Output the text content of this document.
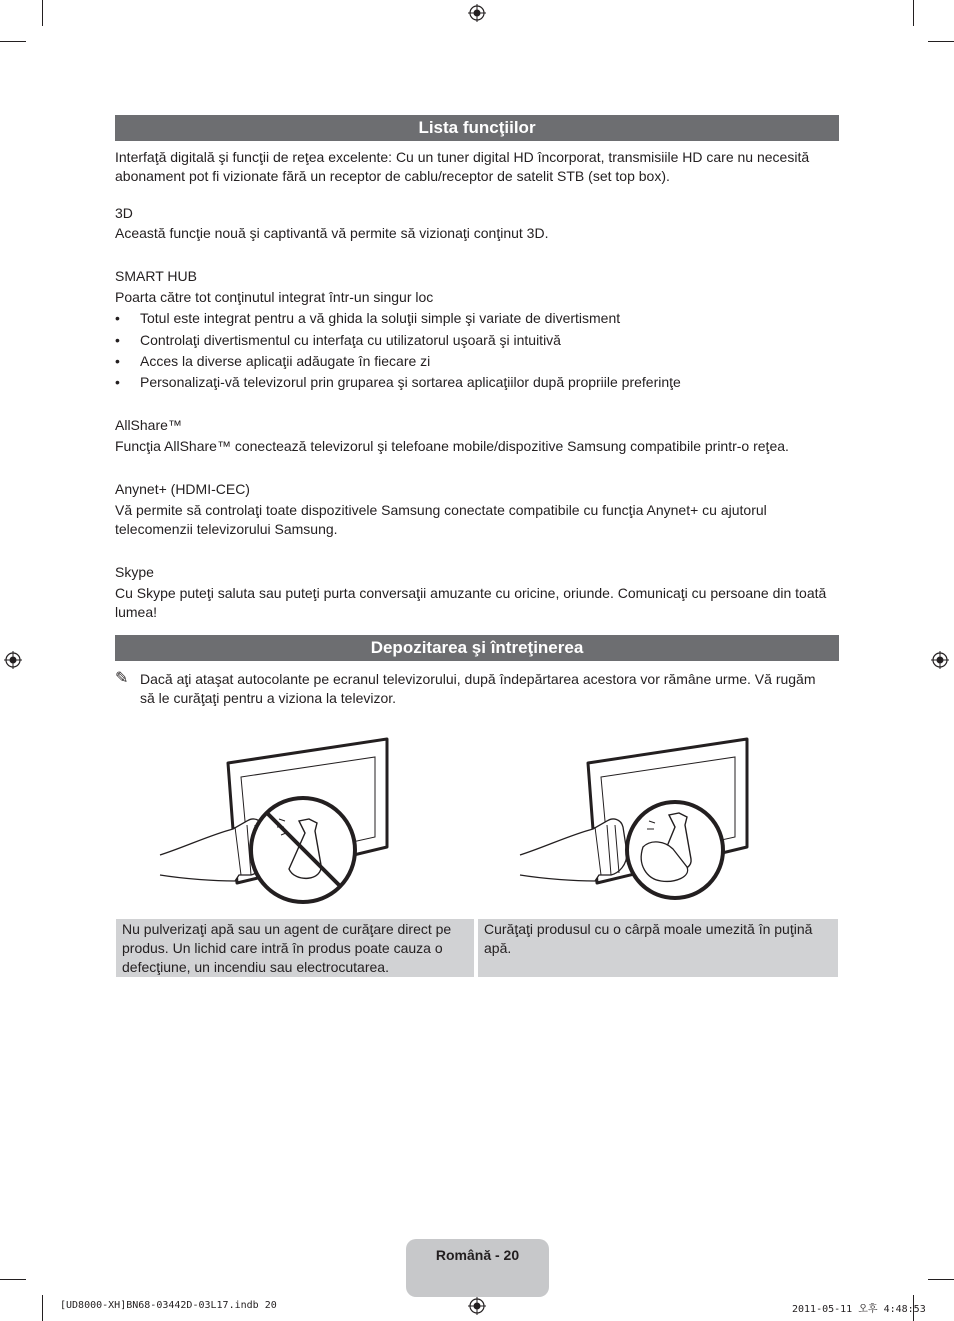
Lista funcţiilor

Interfaţă digitală şi funcţii de reţea excelente: Cu un tuner digital HD încorporat, transmisiile HD care nu necesită abonament pot fi vizionate fără un receptor de cablu/receptor de satelit STB (set top box).

3D

Această funcţie nouă şi captivantă vă permite să vizionaţi conţinut 3D.

SMART HUB

Poarta către tot conţinutul integrat într-un singur loc

• Totul este integrat pentru a vă ghida la soluţii simple şi variate de divertisment
• Controlaţi divertismentul cu interfaţa cu utilizatorul uşoară şi intuitivă
• Acces la diverse aplicaţii adăugate în fiecare zi
• Personalizaţi-vă televizorul prin gruparea şi sortarea aplicaţiilor după propriile preferinţe

AllShare™

Funcţia AllShare™ conectează televizorul şi telefoane mobile/dispozitive Samsung compatibile printr-o reţea.

Anynet+ (HDMI-CEC)

Vă permite să controlaţi toate dispozitivele Samsung conectate compatibile cu funcţia Anynet+ cu ajutorul telecomenzii televizorului Samsung.

Skype

Cu Skype puteţi saluta sau puteţi purta conversaţii amuzante cu oricine, oriunde. Comunicaţi cu persoane din toată lumea!

Depozitarea şi întreţinerea
✎ Dacă aţi ataşat autocolante pe ecranul televizorului, după îndepărtarea acestora vor rămâne urme. Vă rugăm să le curăţaţi pentru a viziona la televizor.
Nu pulverizaţi apă sau un agent de curăţare direct pe produs. Un lichid care intră în produs poate cauza o defecţiune, un incendiu sau electrocutarea.
Curăţaţi produsul cu o cârpă moale umezită în puţină apă.
Română - 20
[UD8000-XH]BN68-03442D-03L17.indb 20	2011-05-11 오후 4:48:53
